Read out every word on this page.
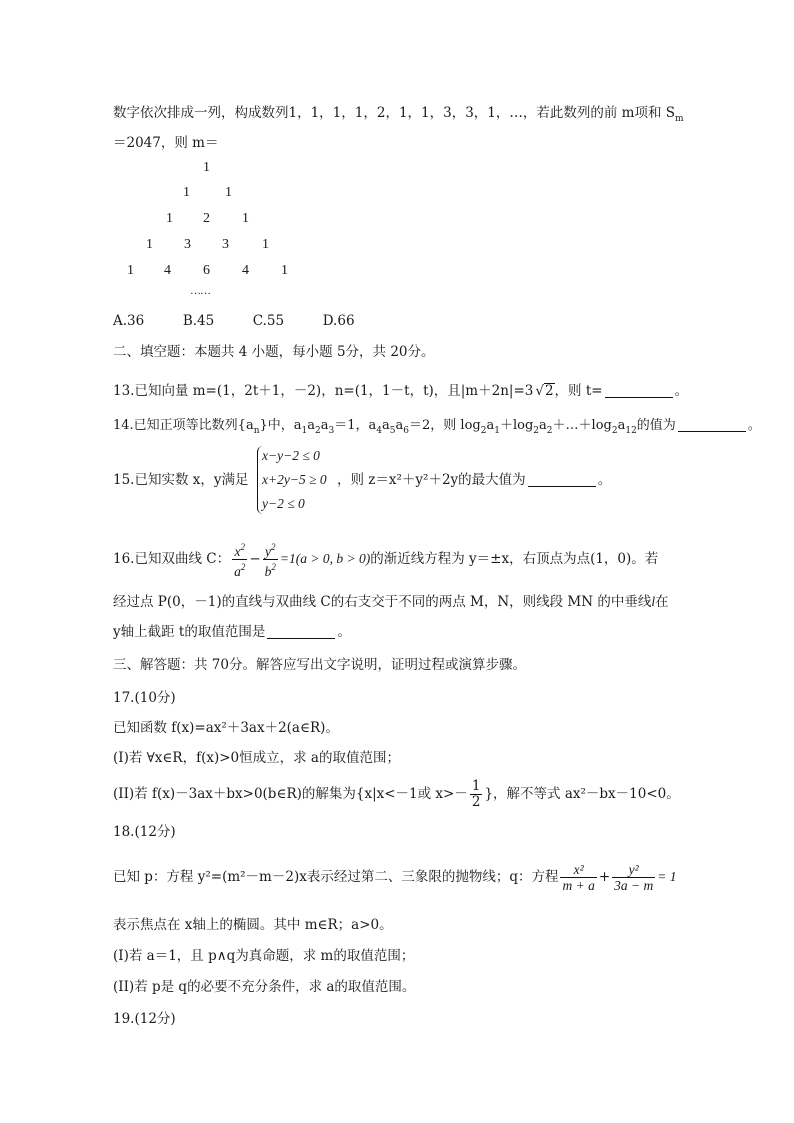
数字依次排成一列，构成数列1，1，1，1，2，1，1，3，3，1，…，若此数列的前 m项和 $S_m$
＝2047，则 m＝
1
1	1
1 2 1
1 3 3 1
1 4 6 4 1
……
A.36	B.45	C.55	D.66
二、填空题：本题共 4 小题，每小题 5分，共 20分。
13.已知向量 m=(1，2t＋1，－2)，n=(1，1－t，t)，且|m＋2n|=3 √2，则 t=	。
14.已知正项等比数列$\{a_n\}$中，$a_1a_2a_3=1$，$a_4a_5a_6=2$，则 $\log_2a_1+\log_2a_2+\dots+\log_2a_{12}$的值为	。
15.已知实数 x，y满足
x−y−2 ≤ 0
x+2y−5 ≥ 0
y−2 ≤ 0
，则 z＝x²＋y²＋2y的最大值为	。
16.已知双曲线 C： $\frac{x^2}{a^2} - \frac{y^2}{b^2} =1(a > 0$, b > 0)的渐近线方程为 y＝±x，右顶点为点(1，0)。若
经过点 P(0，－1)的直线与双曲线 C的右支交于不同的两点 M，N，则线段 MN 的中垂线l在
y轴上截距 t的取值范围是	。
三、解答题：共 70分。解答应写出文字说明，证明过程或演算步骤。
17.(10分)
已知函数 f(x)=ax²＋3ax＋2(a∈R)。
(I)若 ∀x∈R，f(x)>0恒成立，求 a的取值范围；
(II)若 f(x)－3ax＋bx>0(b∈R)的解集为{x|x<－1或 $x>- \frac{1}{2}$ }，解不等式 ax²－bx－10<0。
18.(12分)
已知 p：方程 y²=(m²－m－2)x表示经过第二、三象限的抛物线；q：方程 $\frac{\text{x²}}{m + a} + \frac{\text{y²}}{3a - m} = 1$
表示焦点在 x轴上的椭圆。其中 m∈R；a>0。
(I)若 a＝1，且 p∧q为真命题，求 m的取值范围；
(II)若 p是 q的必要不充分条件，求 a的取值范围。
19.(12分)
